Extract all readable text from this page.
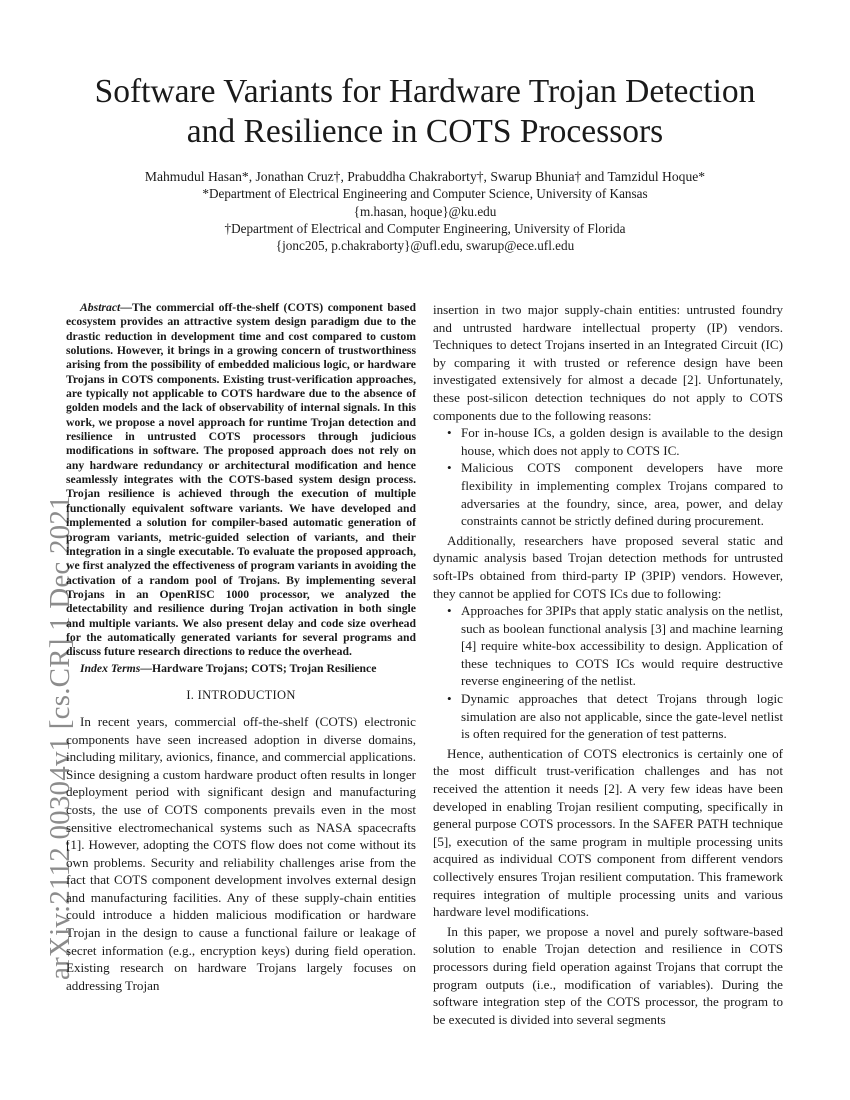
arXiv:2112.00304v1 [cs.CR] 1 Dec 2021
Software Variants for Hardware Trojan Detection
and Resilience in COTS Processors

Mahmudul Hasan*, Jonathan Cruz†, Prabuddha Chakraborty†, Swarup Bhunia† and Tamzidul Hoque*

*Department of Electrical Engineering and Computer Science, University of Kansas

{m.hasan, hoque}@ku.edu

†Department of Electrical and Computer Engineering, University of Florida

{jonc205, p.chakraborty}@ufl.edu, swarup@ece.ufl.edu

Abstract—The commercial off-the-shelf (COTS) component based ecosystem provides an attractive system design paradigm due to the drastic reduction in development time and cost compared to custom solutions. However, it brings in a growing concern of trustworthiness arising from the possibility of embedded malicious logic, or hardware Trojans in COTS components. Existing trust-verification approaches, are typically not applicable to COTS hardware due to the absence of golden models and the lack of observability of internal signals. In this work, we propose a novel approach for runtime Trojan detection and resilience in untrusted COTS processors through judicious modifications in software. The proposed approach does not rely on any hardware redundancy or architectural modification and hence seamlessly integrates with the COTS-based system design process. Trojan resilience is achieved through the execution of multiple functionally equivalent software variants. We have developed and implemented a solution for compiler-based automatic generation of program variants, metric-guided selection of variants, and their integration in a single executable. To evaluate the proposed approach, we first analyzed the effectiveness of program variants in avoiding the activation of a random pool of Trojans. By implementing several Trojans in an OpenRISC 1000 processor, we analyzed the detectability and resilience during Trojan activation in both single and multiple variants. We also present delay and code size overhead for the automatically generated variants for several programs and discuss future research directions to reduce the overhead.

Index Terms—Hardware Trojans; COTS; Trojan Resilience

I. INTRODUCTION

In recent years, commercial off-the-shelf (COTS) electronic components have seen increased adoption in diverse domains, including military, avionics, finance, and commercial applications. Since designing a custom hardware product often results in longer deployment period with significant design and manufacturing costs, the use of COTS components prevails even in the most sensitive electromechanical systems such as NASA spacecrafts [1]. However, adopting the COTS flow does not come without its own problems. Security and reliability challenges arise from the fact that COTS component development involves external design and manufacturing facilities. Any of these supply-chain entities could introduce a hidden malicious modification or hardware Trojan in the design to cause a functional failure or leakage of secret information (e.g., encryption keys) during field operation. Existing research on hardware Trojans largely focuses on addressing Trojan

insertion in two major supply-chain entities: untrusted foundry and untrusted hardware intellectual property (IP) vendors. Techniques to detect Trojans inserted in an Integrated Circuit (IC) by comparing it with trusted or reference design have been investigated extensively for almost a decade [2]. Unfortunately, these post-silicon detection techniques do not apply to COTS components due to the following reasons:

• For in-house ICs, a golden design is available to the design house, which does not apply to COTS IC.
• Malicious COTS component developers have more flexibility in implementing complex Trojans compared to adversaries at the foundry, since, area, power, and delay constraints cannot be strictly defined during procurement.

Additionally, researchers have proposed several static and dynamic analysis based Trojan detection methods for untrusted soft-IPs obtained from third-party IP (3PIP) vendors. However, they cannot be applied for COTS ICs due to following:

• Approaches for 3PIPs that apply static analysis on the netlist, such as boolean functional analysis [3] and machine learning [4] require white-box accessibility to design. Application of these techniques to COTS ICs would require destructive reverse engineering of the netlist.
• Dynamic approaches that detect Trojans through logic simulation are also not applicable, since the gate-level netlist is often required for the generation of test patterns.

Hence, authentication of COTS electronics is certainly one of the most difficult trust-verification challenges and has not received the attention it needs [2]. A very few ideas have been developed in enabling Trojan resilient computing, specifically in general purpose COTS processors. In the SAFER PATH technique [5], execution of the same program in multiple processing units acquired as individual COTS component from different vendors collectively ensures Trojan resilient computation. This framework requires integration of multiple processing units and various hardware level modifications.

In this paper, we propose a novel and purely software-based solution to enable Trojan detection and resilience in COTS processors during field operation against Trojans that corrupt the program outputs (i.e., modification of variables). During the software integration step of the COTS processor, the program to be executed is divided into several segments
